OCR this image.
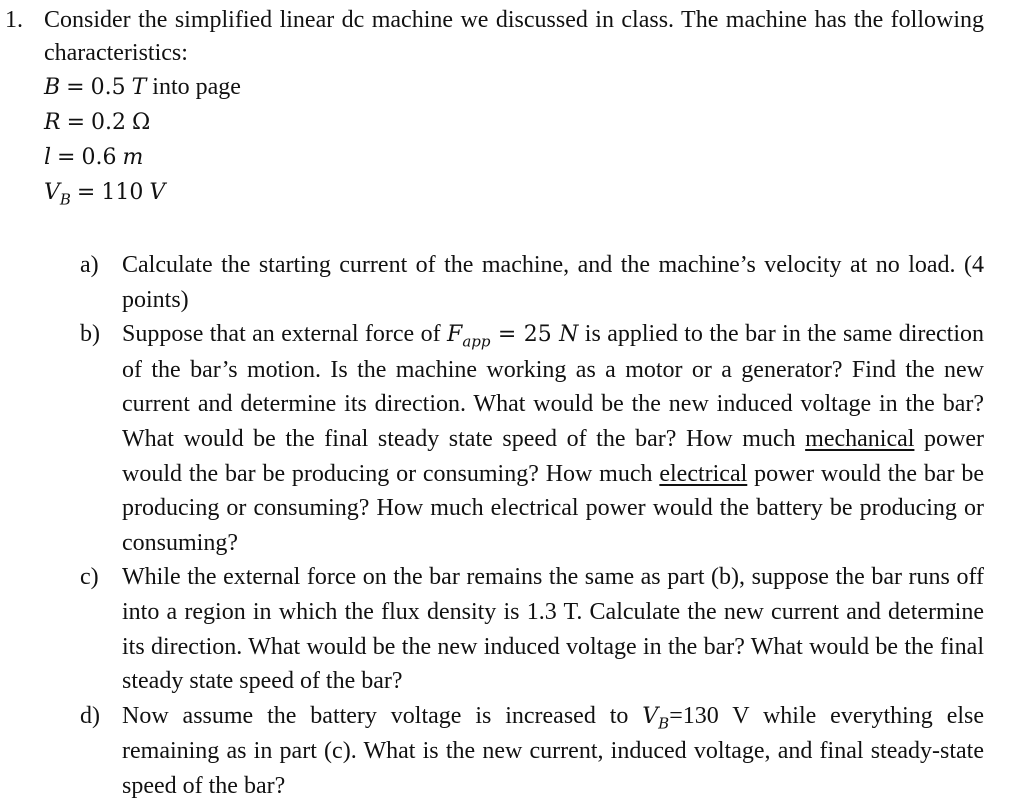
1. Consider the simplified linear dc machine we discussed in class. The machine has the following characteristics:
B = 0.5 T into page
R = 0.2 Ω
l = 0.6 m
$V_B = 110$ V
a) Calculate the starting current of the machine, and the machine’s velocity at no load. (4 points)
b) Suppose that an external force of $F_{app} = 25$ N is applied to the bar in the same direction of the bar’s motion. Is the machine working as a motor or a generator? Find the new current and determine its direction. What would be the new induced voltage in the bar? What would be the final steady state speed of the bar? How much mechanical power would the bar be producing or consuming? How much electrical power would the bar be producing or consuming? How much electrical power would the battery be producing or consuming?
c) While the external force on the bar remains the same as part (b), suppose the bar runs off into a region in which the flux density is 1.3 T. Calculate the new current and determine its direction. What would be the new induced voltage in the bar? What would be the final steady state speed of the bar?
d) Now assume the battery voltage is increased to $V_B=130$ V while everything else remaining as in part (c). What is the new current, induced voltage, and final steady-state speed of the bar?
